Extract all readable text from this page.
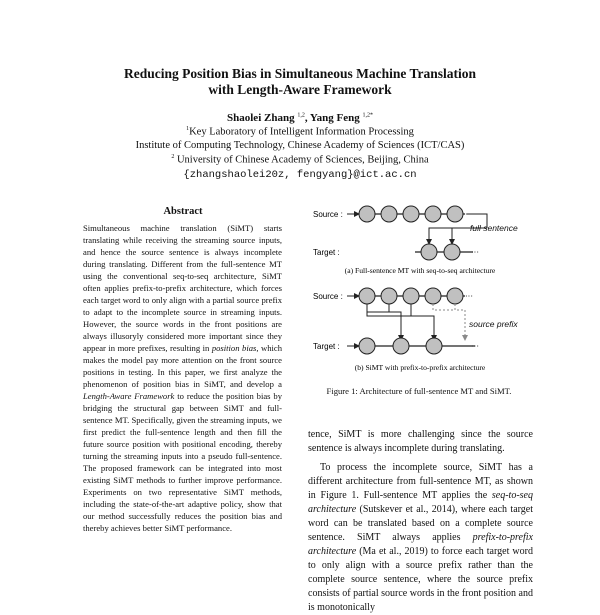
Reducing Position Bias in Simultaneous Machine Translation
with Length-Aware Framework
Shaolei Zhang $^{1,2}$, Yang Feng $^{1,2*}$
$^1$Key Laboratory of Intelligent Information Processing
Institute of Computing Technology, Chinese Academy of Sciences (ICT/CAS)
$^2$ University of Chinese Academy of Sciences, Beijing, China
{zhangshaolei20z, fengyang}@ict.ac.cn
Abstract
Simultaneous machine translation (SiMT) starts translating while receiving the streaming source inputs, and hence the source sentence is always incomplete during translating. Different from the full-sentence MT using the conventional seq-to-seq architecture, SiMT often applies prefix-to-prefix architecture, which forces each target word to only align with a partial source prefix to adapt to the incomplete source in streaming inputs. However, the source words in the front positions are always illusoryly considered more important since they appear in more prefixes, resulting in position bias, which makes the model pay more attention on the front source positions in testing. In this paper, we first analyze the phenomenon of position bias in SiMT, and develop a Length-Aware Framework to reduce the position bias by bridging the structural gap between SiMT and full-sentence MT. Specifically, given the streaming inputs, we first predict the full-sentence length and then fill the future source position with positional encoding, thereby turning the streaming inputs into a pseudo full-sentence. The proposed framework can be integrated into most existing SiMT methods to further improve performance. Experiments on two representative SiMT methods, including the state-of-the-art adaptive policy, show that our method successfully reduces the position bias and thereby achieves better SiMT performance.
Source :	···
full sentence
Target :	···
(a) Full-sentence MT with seq-to-seq architecture
Source :	···
source prefix
Target :	···
(b) SiMT with prefix-to-prefix architecture
Figure 1: Architecture of full-sentence MT and SiMT.

tence, SiMT is more challenging since the source sentence is always incomplete during translating.

To process the incomplete source, SiMT has a different architecture from full-sentence MT, as shown in Figure 1. Full-sentence MT applies the seq-to-seq architecture (Sutskever et al., 2014), where each target word can be translated based on a complete source sentence. SiMT always applies prefix-to-prefix architecture (Ma et al., 2019) to force each target word to only align with a source prefix rather than the complete source sentence, where the source prefix consists of partial source words in the front position and is monotonically
